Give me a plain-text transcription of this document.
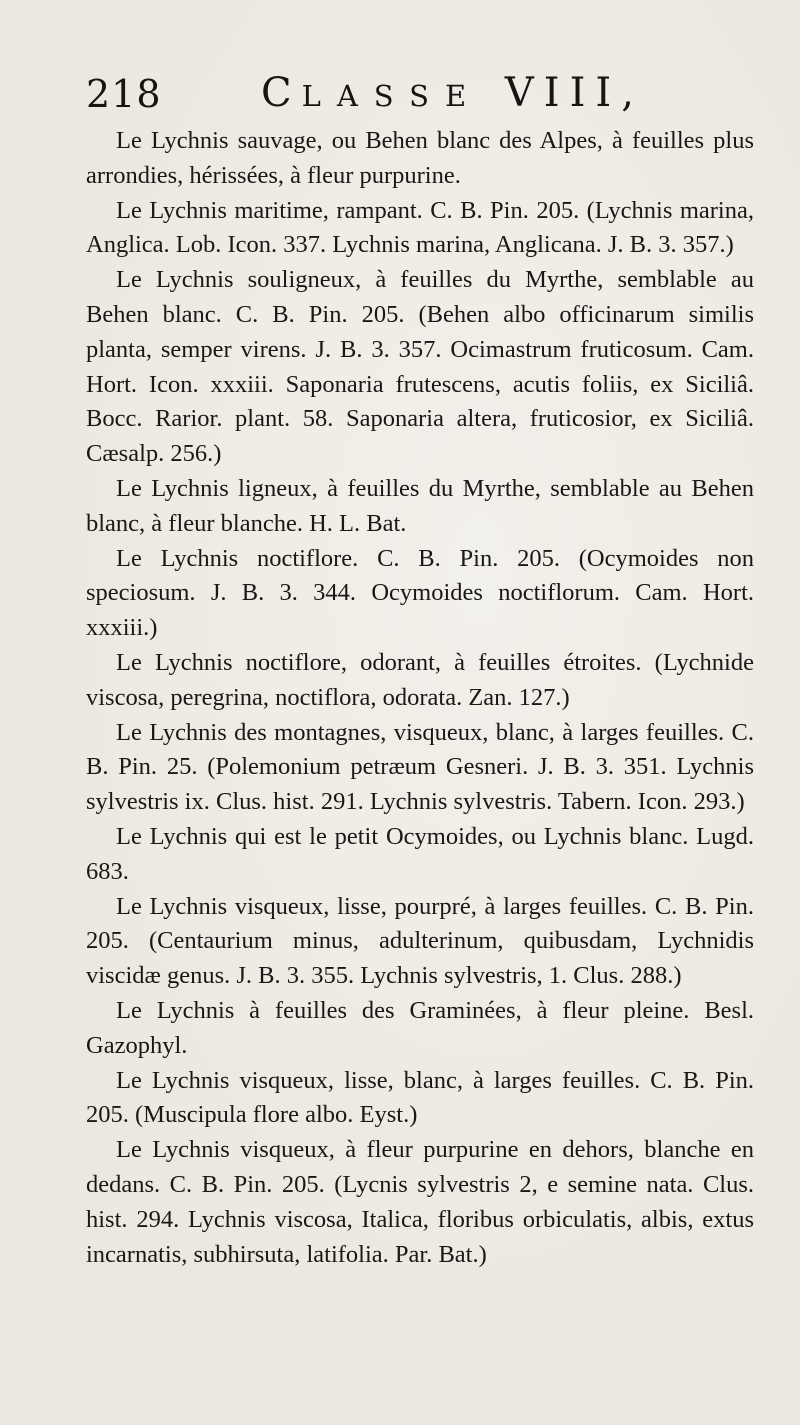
218 CLASSE VIII,

Le Lychnis sauvage, ou Behen blanc des Alpes, à feuilles plus arrondies, hérissées, à fleur purpurine.

Le Lychnis maritime, rampant. C. B. Pin. 205. (Lychnis marina, Anglica. Lob. Icon. 337. Lychnis marina, Anglicana. J. B. 3. 357.)

Le Lychnis souligneux, à feuilles du Myrthe, semblable au Behen blanc. C. B. Pin. 205. (Behen albo officinarum similis planta, semper virens. J. B. 3. 357. Ocimastrum fruticosum. Cam. Hort. Icon. xxxiii. Saponaria frutescens, acutis foliis, ex Siciliâ. Bocc. Rarior. plant. 58. Saponaria altera, fruticosior, ex Siciliâ. Cæsalp. 256.)

Le Lychnis ligneux, à feuilles du Myrthe, semblable au Behen blanc, à fleur blanche. H. L. Bat.

Le Lychnis noctiflore. C. B. Pin. 205. (Ocymoides non speciosum. J. B. 3. 344. Ocymoides noctiflorum. Cam. Hort. xxxiii.)

Le Lychnis noctiflore, odorant, à feuilles étroites. (Lychnide viscosa, peregrina, noctiflora, odorata. Zan. 127.)

Le Lychnis des montagnes, visqueux, blanc, à larges feuilles. C. B. Pin. 25. (Polemonium petræum Gesneri. J. B. 3. 351. Lychnis sylvestris ix. Clus. hist. 291. Lychnis sylvestris. Tabern. Icon. 293.)

Le Lychnis qui est le petit Ocymoides, ou Lychnis blanc. Lugd. 683.

Le Lychnis visqueux, lisse, pourpré, à larges feuilles. C. B. Pin. 205. (Centaurium minus, adulterinum, quibusdam, Lychnidis viscidæ genus. J. B. 3. 355. Lychnis sylvestris, 1. Clus. 288.)

Le Lychnis à feuilles des Graminées, à fleur pleine. Besl. Gazophyl.

Le Lychnis visqueux, lisse, blanc, à larges feuilles. C. B. Pin. 205. (Muscipula flore albo. Eyst.)

Le Lychnis visqueux, à fleur purpurine en dehors, blanche en dedans. C. B. Pin. 205. (Lycnis sylvestris 2, e semine nata. Clus. hist. 294. Lychnis viscosa, Italica, floribus orbiculatis, albis, extus incarnatis, subhirsuta, latifolia. Par. Bat.)
